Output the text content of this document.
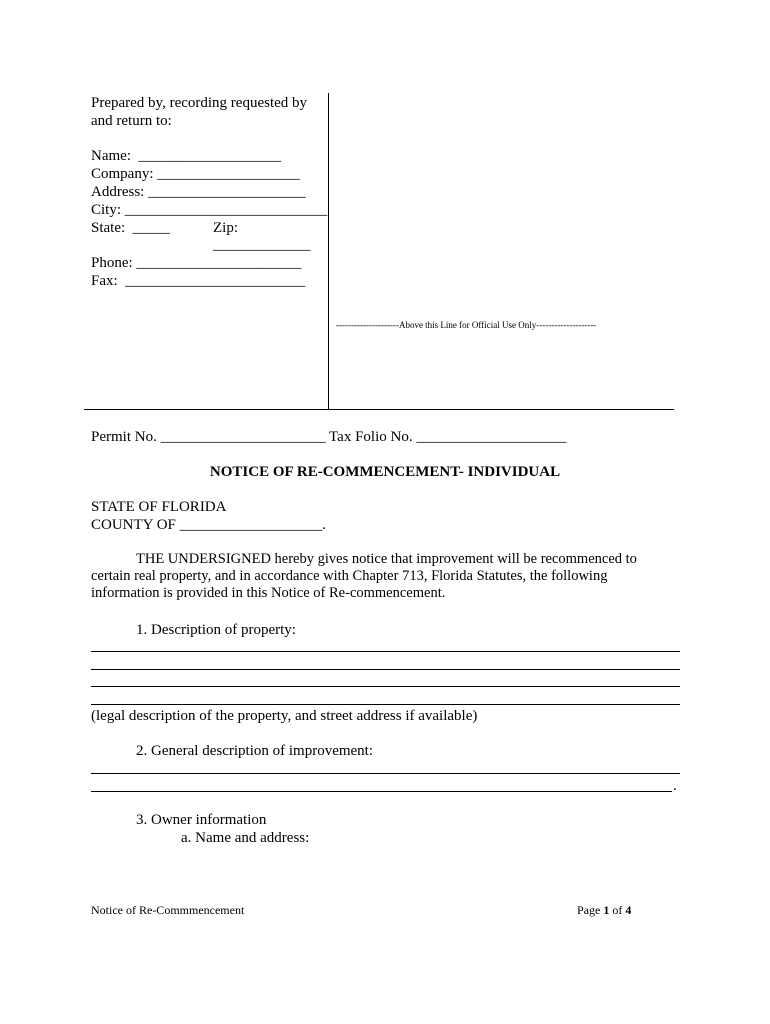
Prepared by, recording requested by
and return to:
Name:  ___________________
Company: ___________________
Address: _____________________
City: ___________________________
State:  _____	Zip:
_____________
Phone: ______________________
Fax:  ________________________
---------------------Above this Line for Official Use Only--------------------
Permit No. ______________________ Tax Folio No. ____________________
NOTICE OF RE-COMMENCEMENT- INDIVIDUAL
STATE OF FLORIDA
COUNTY OF ___________________.
THE UNDERSIGNED hereby gives notice that improvement will be recommenced to
certain real property, and in accordance with Chapter 713, Florida Statutes, the following
information is provided in this Notice of Re-commencement.
1. Description of property:
(legal description of the property, and street address if available)
2. General description of improvement:
.
3. Owner information
a. Name and address:
Notice of Re-Commmencement	Page 1 of 4
